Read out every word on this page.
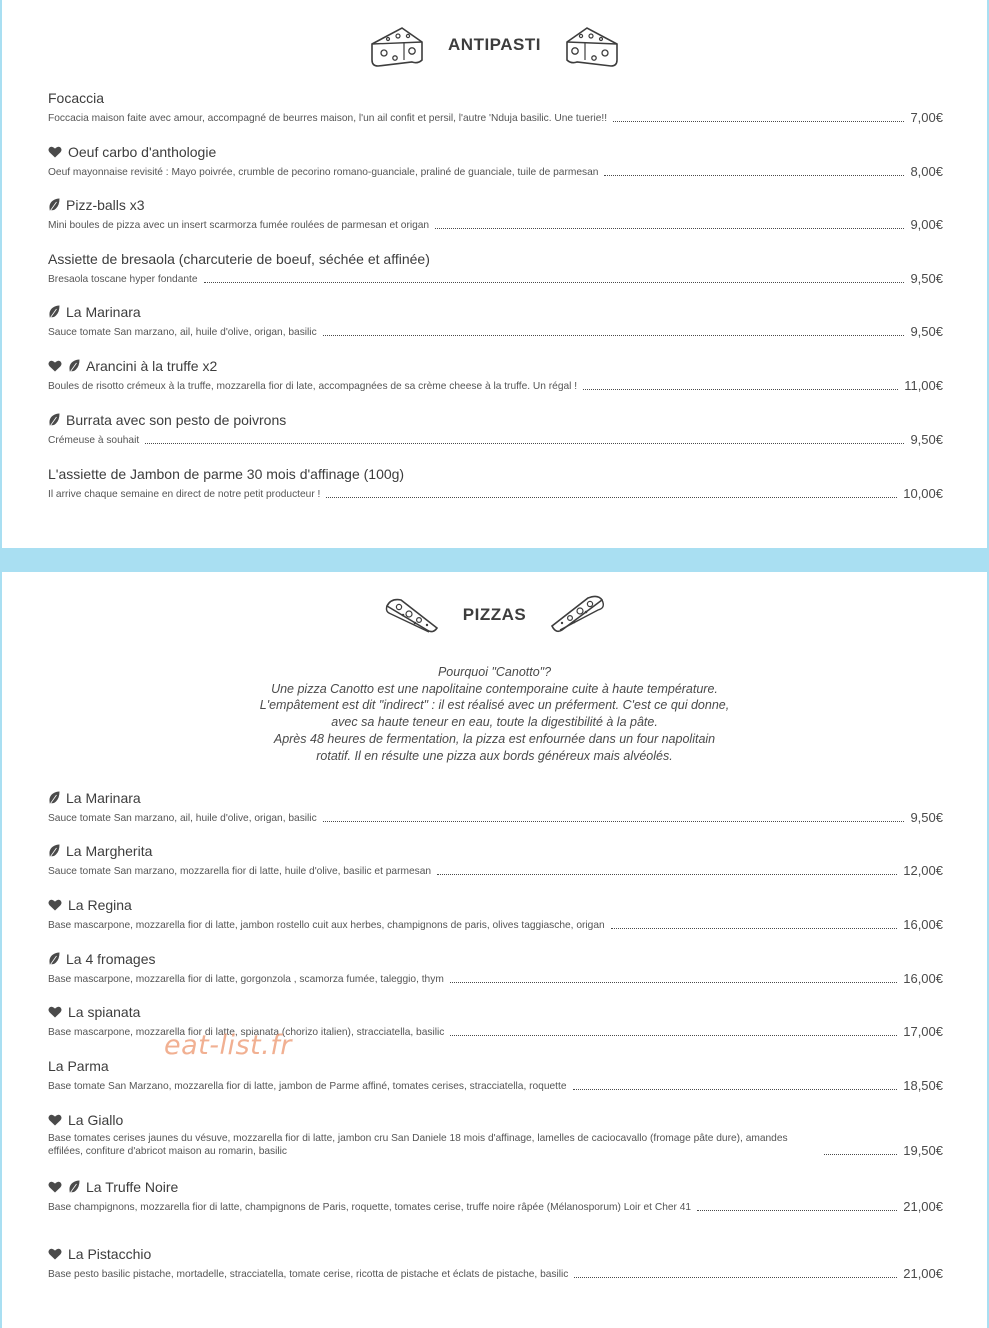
ANTIPASTI
Focaccia
Foccacia maison faite avec amour, accompagné de beurres maison, l'un ail confit et persil, l'autre 'Nduja basilic. Une tuerie!!	7,00€
Oeuf carbo d'anthologie
Oeuf mayonnaise revisité : Mayo poivrée, crumble de pecorino romano-guanciale, praliné de guanciale, tuile de parmesan	8,00€
Pizz-balls x3
Mini boules de pizza avec un insert scarmorza fumée roulées de parmesan et origan	9,00€
Assiette de bresaola (charcuterie de boeuf, séchée et affinée)
Bresaola toscane hyper fondante	9,50€
La Marinara
Sauce tomate San marzano, ail, huile d'olive, origan, basilic	9,50€
Arancini à la truffe x2
Boules de risotto crémeux à la truffe, mozzarella fior di late, accompagnées de sa crème cheese à la truffe. Un régal !	11,00€
Burrata avec son pesto de poivrons
Crémeuse à souhait	9,50€
L'assiette de Jambon de parme 30 mois d'affinage (100g)
Il arrive chaque semaine en direct de notre petit producteur !	10,00€
PIZZAS
Pourquoi "Canotto"?
Une pizza Canotto est une napolitaine contemporaine cuite à haute température.
L'empâtement est dit "indirect" : il est réalisé avec un préferment. C'est ce qui donne,
avec sa haute teneur en eau, toute la digestibilité à la pâte.
Après 48 heures de fermentation, la pizza est enfournée dans un four napolitain
rotatif. Il en résulte une pizza aux bords généreux mais alvéolés.
La Marinara
Sauce tomate San marzano, ail, huile d'olive, origan, basilic	9,50€
La Margherita
Sauce tomate San marzano, mozzarella fior di latte, huile d'olive, basilic et parmesan	12,00€
La Regina
Base mascarpone, mozzarella fior di latte, jambon rostello cuit aux herbes, champignons de paris, olives taggiasche, origan	16,00€
La 4 fromages
Base mascarpone, mozzarella fior di latte, gorgonzola , scamorza fumée, taleggio, thym	16,00€
La spianata
Base mascarpone, mozzarella fior di latte, spianata (chorizo italien), stracciatella, basilic	17,00€
La Parma
Base tomate San Marzano, mozzarella fior di latte, jambon de Parme affiné, tomates cerises, stracciatella, roquette	18,50€
La Giallo
Base tomates cerises jaunes du vésuve, mozzarella fior di latte, jambon cru San Daniele 18 mois d'affinage, lamelles de caciocavallo (fromage pâte dure), amandes effilées, confiture d'abricot maison au romarin, basilic	19,50€
La Truffe Noire
Base champignons, mozzarella fior di latte, champignons de Paris, roquette, tomates cerise, truffe noire râpée (Mélanosporum) Loir et Cher 41	21,00€
La Pistacchio
Base pesto basilic pistache, mortadelle, stracciatella, tomate cerise, ricotta de pistache et éclats de pistache, basilic	21,00€
eat-list.fr
